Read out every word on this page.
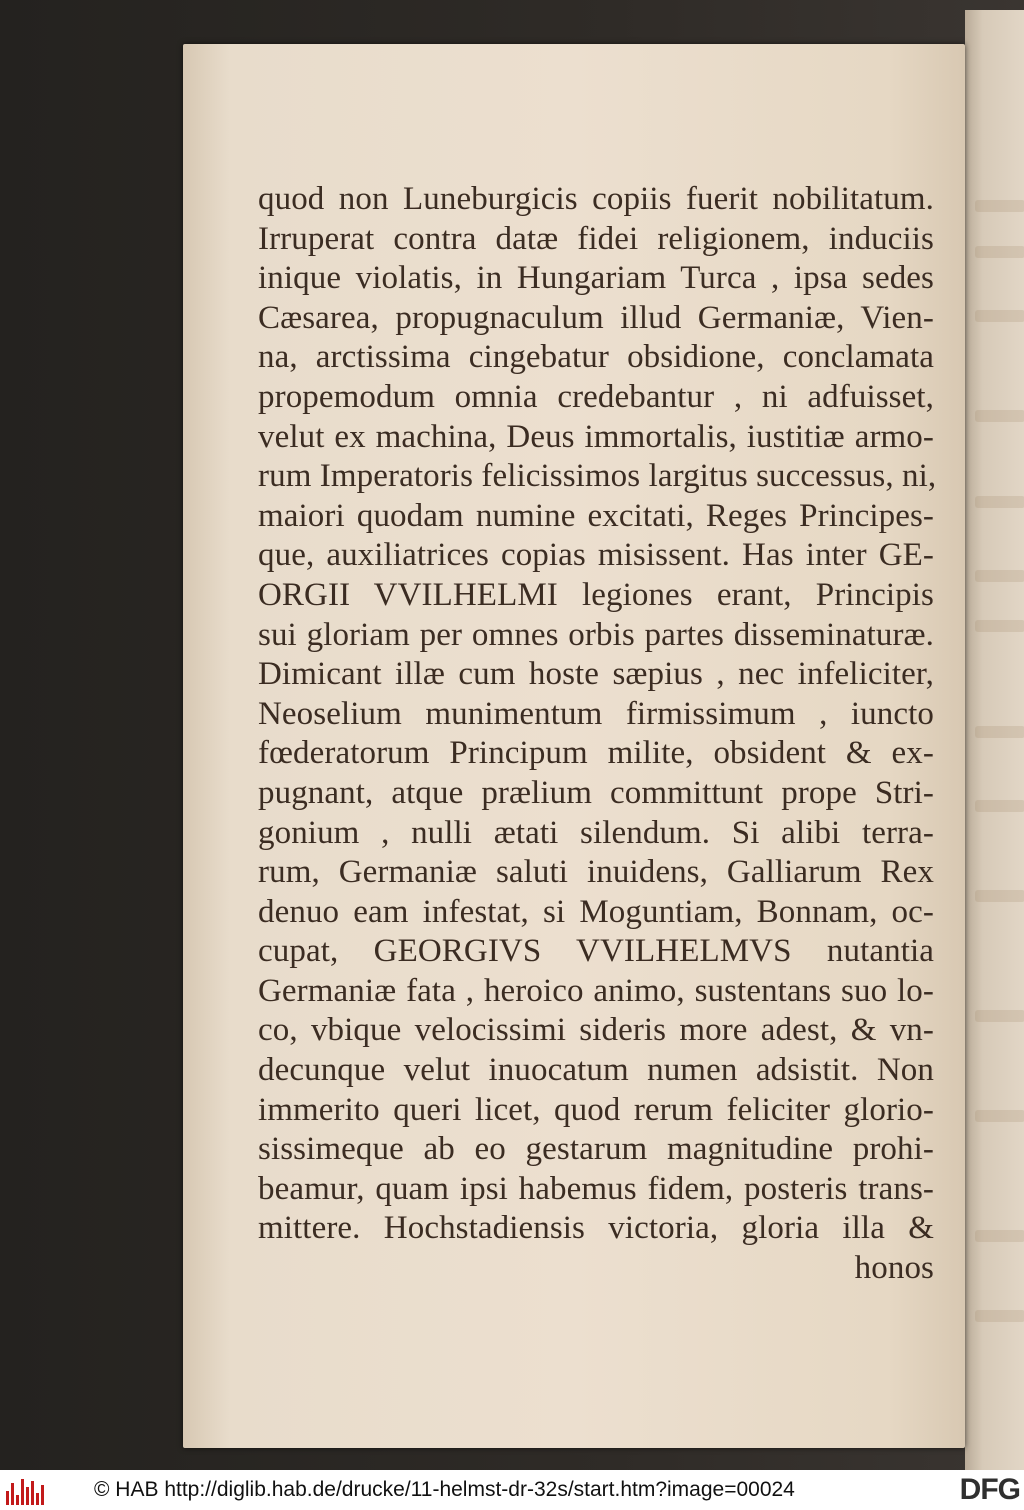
quod non Luneburgicis copiis fuerit nobilitatum.
Irruperat contra datæ fidei religionem, induciis
inique violatis, in Hungariam Turca , ipsa sedes
Cæsarea, propugnaculum illud Germaniæ, Vien-
na, arctissima cingebatur obsidione, conclamata
propemodum omnia credebantur , ni adfuisset,
velut ex machina, Deus immortalis, iustitiæ armo-
rum Imperatoris felicissimos largitus successus, ni,
maiori quodam numine excitati, Reges Principes-
que, auxiliatrices copias misissent. Has inter GE-
ORGII VVILHELMI legiones erant, Principis
sui gloriam per omnes orbis partes disseminaturæ.
Dimicant illæ cum hoste sæpius , nec infeliciter,
Neoselium munimentum firmissimum , iuncto
fœderatorum Principum milite, obsident & ex-
pugnant, atque prælium committunt prope Stri-
gonium , nulli ætati silendum. Si alibi terra-
rum, Germaniæ saluti inuidens, Galliarum Rex
denuo eam infestat, si Moguntiam, Bonnam, oc-
cupat, GEORGIVS VVILHELMVS nutantia
Germaniæ fata , heroico animo, sustentans suo lo-
co, vbique velocissimi sideris more adest, & vn-
decunque velut inuocatum numen adsistit. Non
immerito queri licet, quod rerum feliciter glorio-
sissimeque ab eo gestarum magnitudine prohi-
beamur, quam ipsi habemus fidem, posteris trans-
mittere. Hochstadiensis victoria, gloria illa &
honos
© HAB http://diglib.hab.de/drucke/11-helmst-dr-32s/start.htm?image=00024	DFG
